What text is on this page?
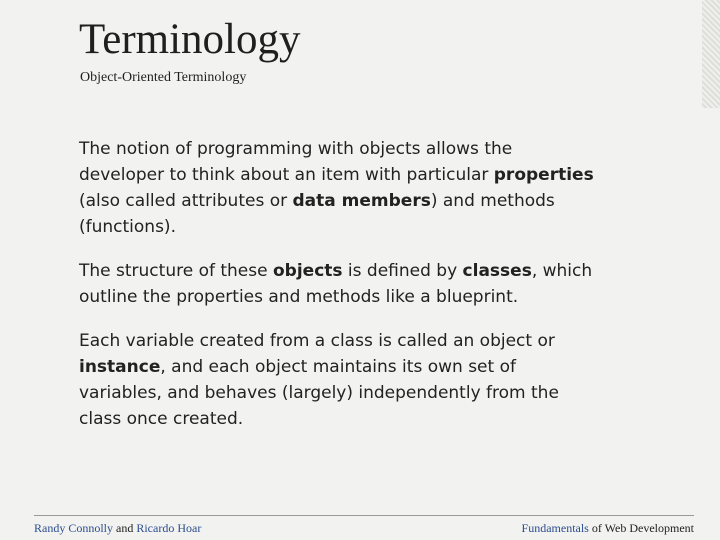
Terminology
Object-Oriented Terminology

The notion of programming with objects allows the developer to think about an item with particular properties (also called attributes or data members) and methods (functions).

The structure of these objects is defined by classes, which outline the properties and methods like a blueprint.

Each variable created from a class is called an object or instance, and each object maintains its own set of variables, and behaves (largely) independently from the class once created.

Randy Connolly and Ricardo Hoar	Fundamentals of Web Development
